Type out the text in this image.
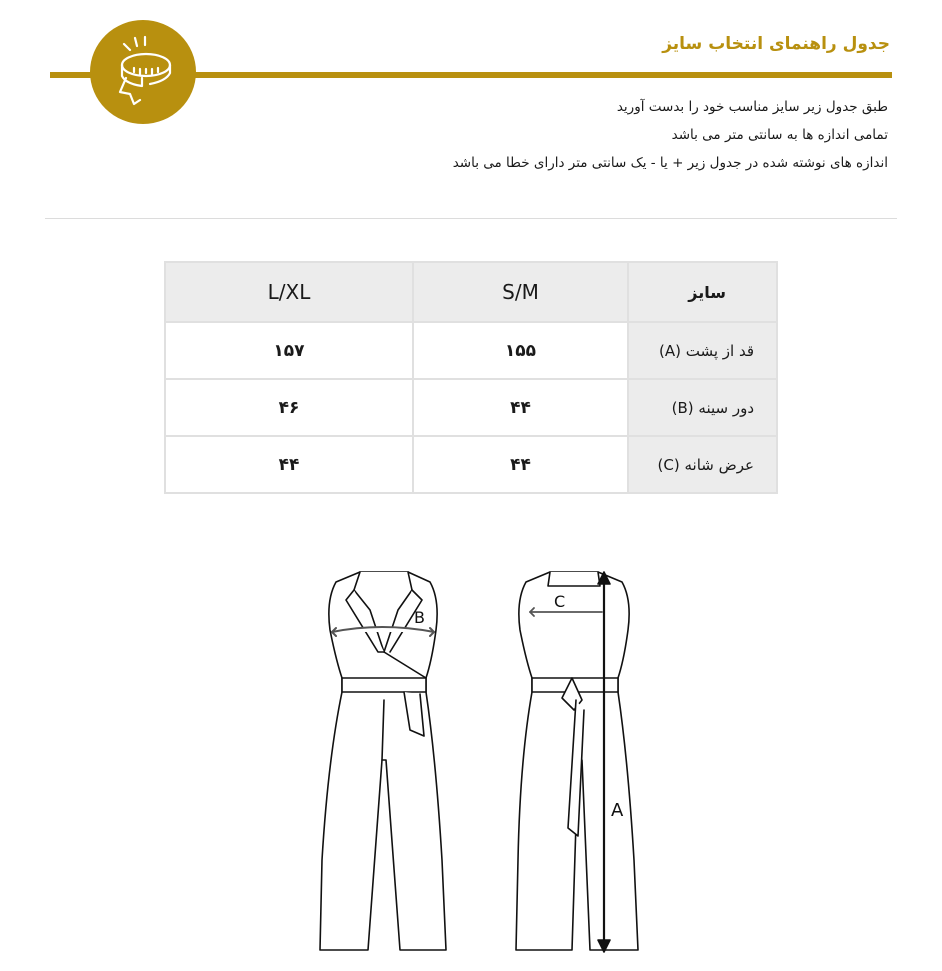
جدول راهنمای انتخاب سایز
طبق جدول زیر سایز مناسب خود را بدست آورید
تمامی اندازه ها به سانتی متر می باشد
اندازه های نوشته شده در جدول زیر + یا - یک سانتی متر دارای خطا می باشد
L/XL	S/M	سایز
۱۵۷	۱۵۵	قد از پشت (A)
۴۶	۴۴	دور سینه (B)
۴۴	۴۴	عرض شانه (C)
B
C
A
